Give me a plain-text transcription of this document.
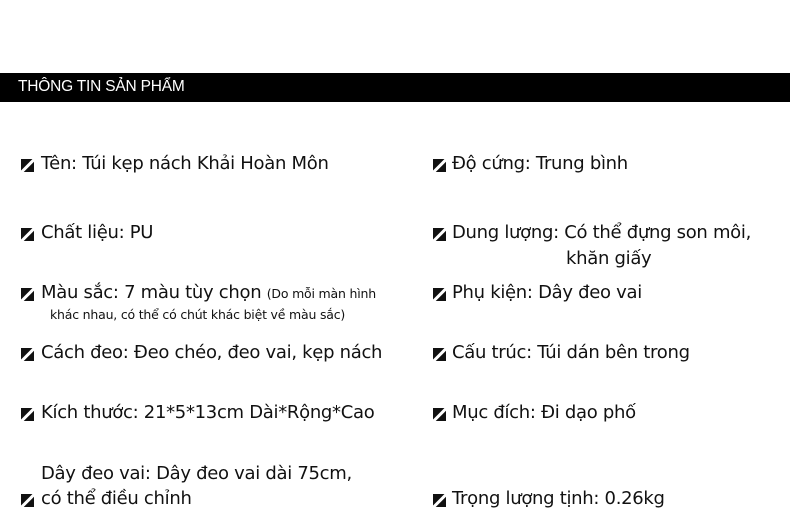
THÔNG TIN SẢN PHẨM
Tên: Túi kẹp nách Khải Hoàn Môn
Chất liệu: PU
Màu sắc: 7 màu tùy chọn (Do mỗi màn hình
khác nhau, có thể có chút khác biệt về màu sắc)
Cách đeo: Đeo chéo, đeo vai, kẹp nách
Kích thước: 21*5*13cm Dài*Rộng*Cao
Dây đeo vai: Dây đeo vai dài 75cm,
có thể điều chỉnh
Độ cứng: Trung bình
Dung lượng: Có thể đựng son môi,
khăn giấy
Phụ kiện: Dây đeo vai
Cấu trúc: Túi dán bên trong
Mục đích: Đi dạo phố
Trọng lượng tịnh: 0.26kg
